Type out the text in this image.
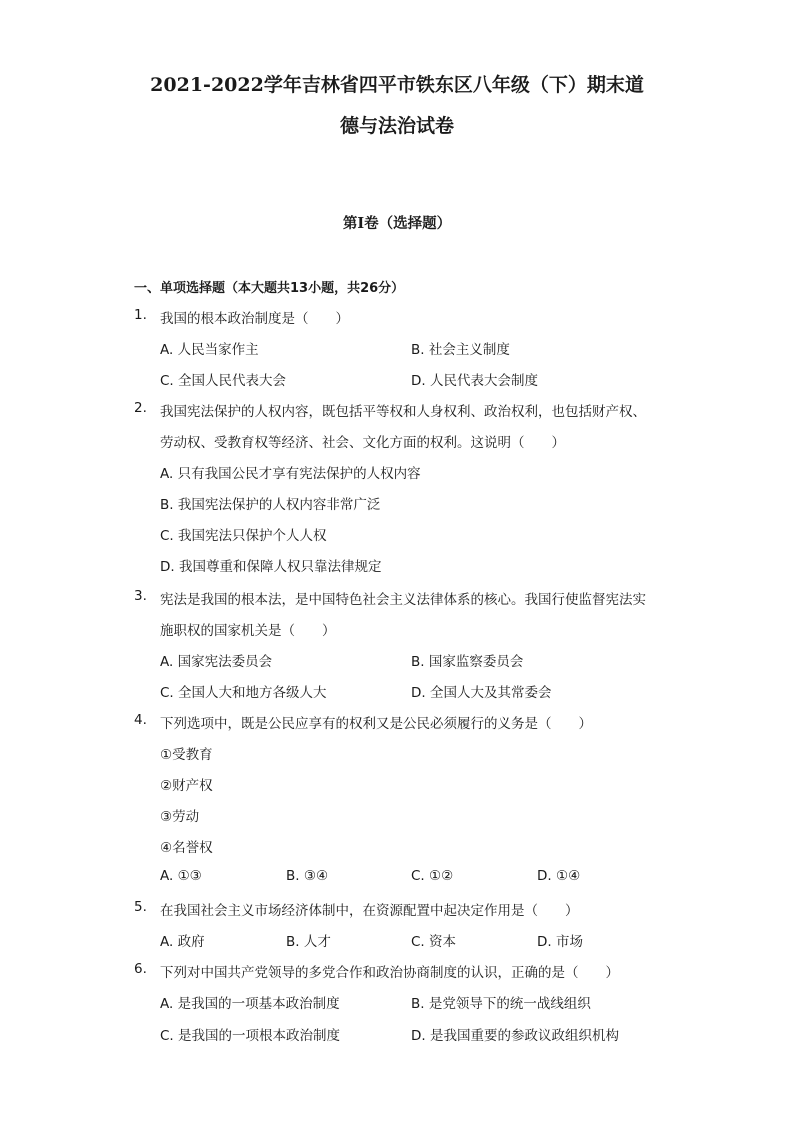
2021-2022学年吉林省四平市铁东区八年级（下）期末道
德与法治试卷
第Ⅰ卷（选择题）
一、单项选择题（本大题共13小题，共26分）
1. 我国的根本政治制度是（　　）
A. 人民当家作主	B. 社会主义制度
C. 全国人民代表大会	D. 人民代表大会制度
2. 我国宪法保护的人权内容，既包括平等权和人身权利、政治权利，也包括财产权、
劳动权、受教育权等经济、社会、文化方面的权利。这说明（　　）
A. 只有我国公民才享有宪法保护的人权内容
B. 我国宪法保护的人权内容非常广泛
C. 我国宪法只保护个人人权
D. 我国尊重和保障人权只靠法律规定
3. 宪法是我国的根本法，是中国特色社会主义法律体系的核心。我国行使监督宪法实
施职权的国家机关是（　　）
A. 国家宪法委员会	B. 国家监察委员会
C. 全国人大和地方各级人大	D. 全国人大及其常委会
4. 下列选项中，既是公民应享有的权利又是公民必须履行的义务是（　　）
①受教育
②财产权
③劳动
④名誉权
A. ①③	B. ③④	C. ①②	D. ①④
5. 在我国社会主义市场经济体制中，在资源配置中起决定作用是（　　）
A. 政府	B. 人才	C. 资本	D. 市场
6. 下列对中国共产党领导的多党合作和政治协商制度的认识，正确的是（　　）
A. 是我国的一项基本政治制度	B. 是党领导下的统一战线组织
C. 是我国的一项根本政治制度	D. 是我国重要的参政议政组织机构
